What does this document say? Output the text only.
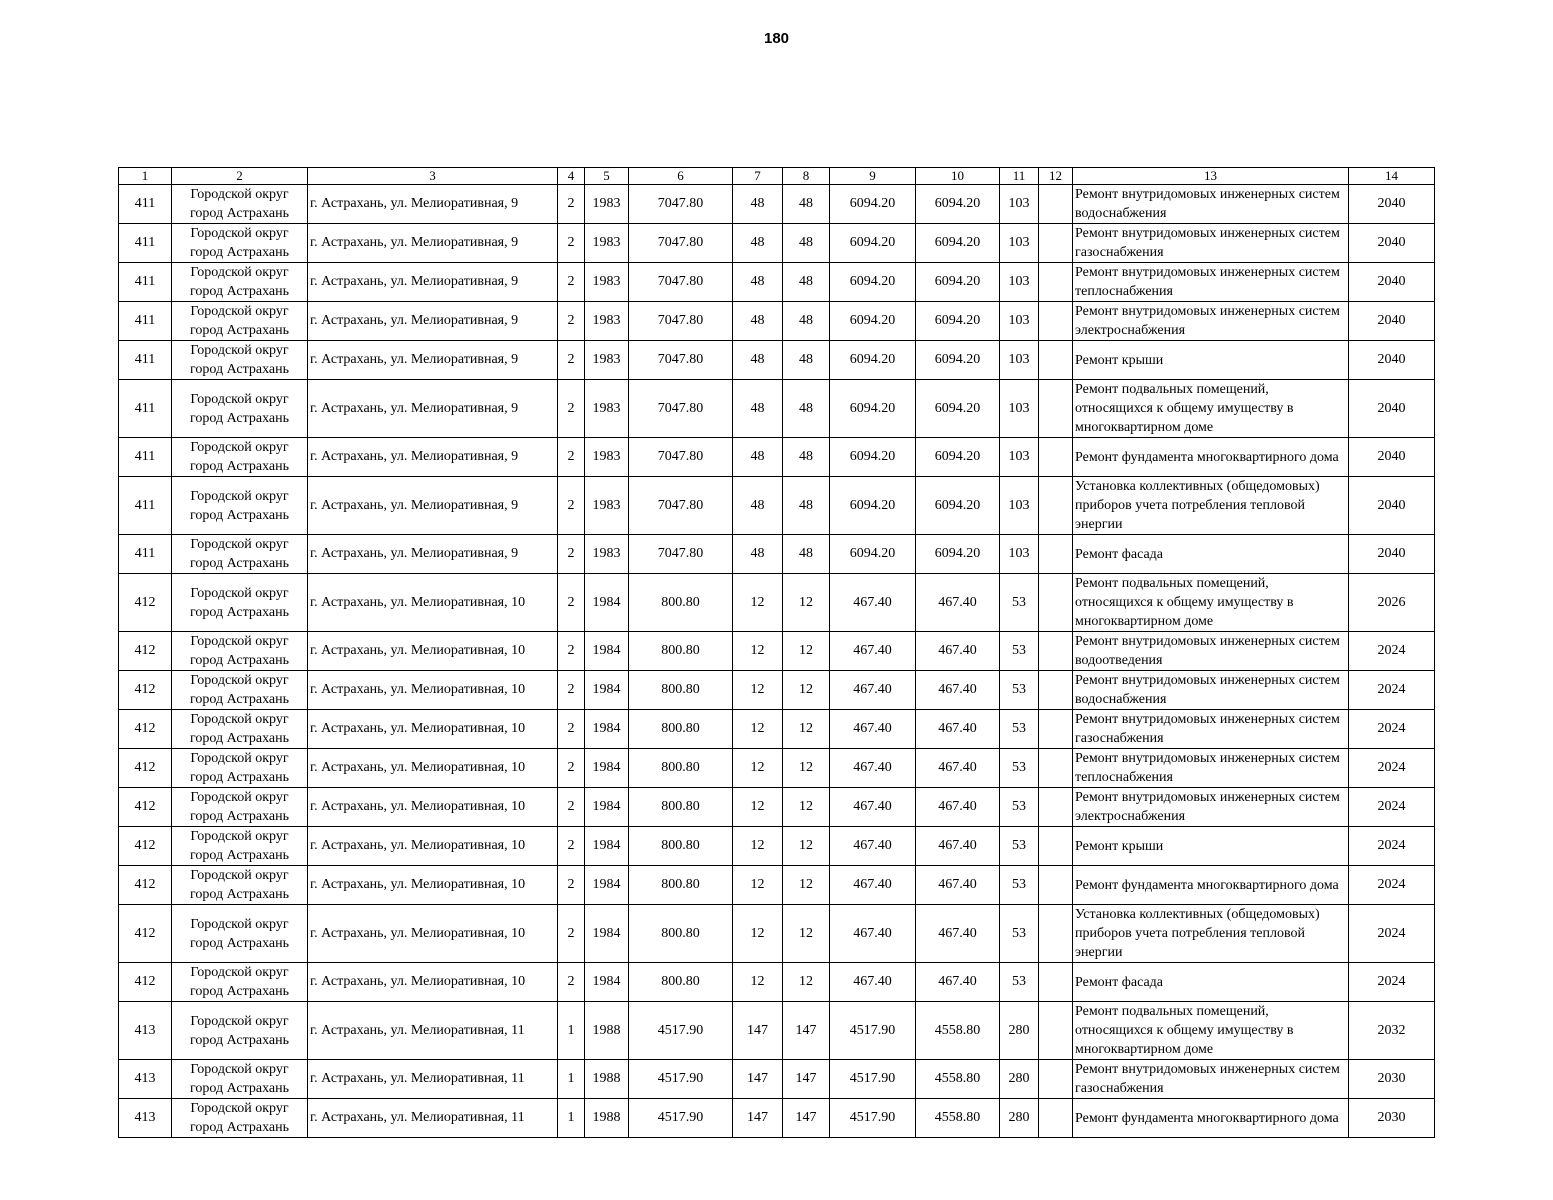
180
1	2	3	4	5	6	7	8	9	10	11	12	13	14
411	Городской округ город Астрахань	г. Астрахань, ул. Мелиоративная, 9	2	1983	7047.80	48	48	6094.20	6094.20	103		Ремонт внутридомовых инженерных систем водоснабжения	2040
411	Городской округ город Астрахань	г. Астрахань, ул. Мелиоративная, 9	2	1983	7047.80	48	48	6094.20	6094.20	103		Ремонт внутридомовых инженерных систем газоснабжения	2040
411	Городской округ город Астрахань	г. Астрахань, ул. Мелиоративная, 9	2	1983	7047.80	48	48	6094.20	6094.20	103		Ремонт внутридомовых инженерных систем теплоснабжения	2040
411	Городской округ город Астрахань	г. Астрахань, ул. Мелиоративная, 9	2	1983	7047.80	48	48	6094.20	6094.20	103		Ремонт внутридомовых инженерных систем электроснабжения	2040
411	Городской округ город Астрахань	г. Астрахань, ул. Мелиоративная, 9	2	1983	7047.80	48	48	6094.20	6094.20	103		Ремонт крыши	2040
411	Городской округ город Астрахань	г. Астрахань, ул. Мелиоративная, 9	2	1983	7047.80	48	48	6094.20	6094.20	103		Ремонт подвальных помещений, относящихся к общему имуществу в многоквартирном доме	2040
411	Городской округ город Астрахань	г. Астрахань, ул. Мелиоративная, 9	2	1983	7047.80	48	48	6094.20	6094.20	103		Ремонт фундамента многоквартирного дома	2040
411	Городской округ город Астрахань	г. Астрахань, ул. Мелиоративная, 9	2	1983	7047.80	48	48	6094.20	6094.20	103		Установка коллективных (общедомовых) приборов учета потребления тепловой энергии	2040
411	Городской округ город Астрахань	г. Астрахань, ул. Мелиоративная, 9	2	1983	7047.80	48	48	6094.20	6094.20	103		Ремонт фасада	2040
412	Городской округ город Астрахань	г. Астрахань, ул. Мелиоративная, 10	2	1984	800.80	12	12	467.40	467.40	53		Ремонт подвальных помещений, относящихся к общему имуществу в многоквартирном доме	2026
412	Городской округ город Астрахань	г. Астрахань, ул. Мелиоративная, 10	2	1984	800.80	12	12	467.40	467.40	53		Ремонт внутридомовых инженерных систем водоотведения	2024
412	Городской округ город Астрахань	г. Астрахань, ул. Мелиоративная, 10	2	1984	800.80	12	12	467.40	467.40	53		Ремонт внутридомовых инженерных систем водоснабжения	2024
412	Городской округ город Астрахань	г. Астрахань, ул. Мелиоративная, 10	2	1984	800.80	12	12	467.40	467.40	53		Ремонт внутридомовых инженерных систем газоснабжения	2024
412	Городской округ город Астрахань	г. Астрахань, ул. Мелиоративная, 10	2	1984	800.80	12	12	467.40	467.40	53		Ремонт внутридомовых инженерных систем теплоснабжения	2024
412	Городской округ город Астрахань	г. Астрахань, ул. Мелиоративная, 10	2	1984	800.80	12	12	467.40	467.40	53		Ремонт внутридомовых инженерных систем электроснабжения	2024
412	Городской округ город Астрахань	г. Астрахань, ул. Мелиоративная, 10	2	1984	800.80	12	12	467.40	467.40	53		Ремонт крыши	2024
412	Городской округ город Астрахань	г. Астрахань, ул. Мелиоративная, 10	2	1984	800.80	12	12	467.40	467.40	53		Ремонт фундамента многоквартирного дома	2024
412	Городской округ город Астрахань	г. Астрахань, ул. Мелиоративная, 10	2	1984	800.80	12	12	467.40	467.40	53		Установка коллективных (общедомовых) приборов учета потребления тепловой энергии	2024
412	Городской округ город Астрахань	г. Астрахань, ул. Мелиоративная, 10	2	1984	800.80	12	12	467.40	467.40	53		Ремонт фасада	2024
413	Городской округ город Астрахань	г. Астрахань, ул. Мелиоративная, 11	1	1988	4517.90	147	147	4517.90	4558.80	280		Ремонт подвальных помещений, относящихся к общему имуществу в многоквартирном доме	2032
413	Городской округ город Астрахань	г. Астрахань, ул. Мелиоративная, 11	1	1988	4517.90	147	147	4517.90	4558.80	280		Ремонт внутридомовых инженерных систем газоснабжения	2030
413	Городской округ город Астрахань	г. Астрахань, ул. Мелиоративная, 11	1	1988	4517.90	147	147	4517.90	4558.80	280		Ремонт фундамента многоквартирного дома	2030
